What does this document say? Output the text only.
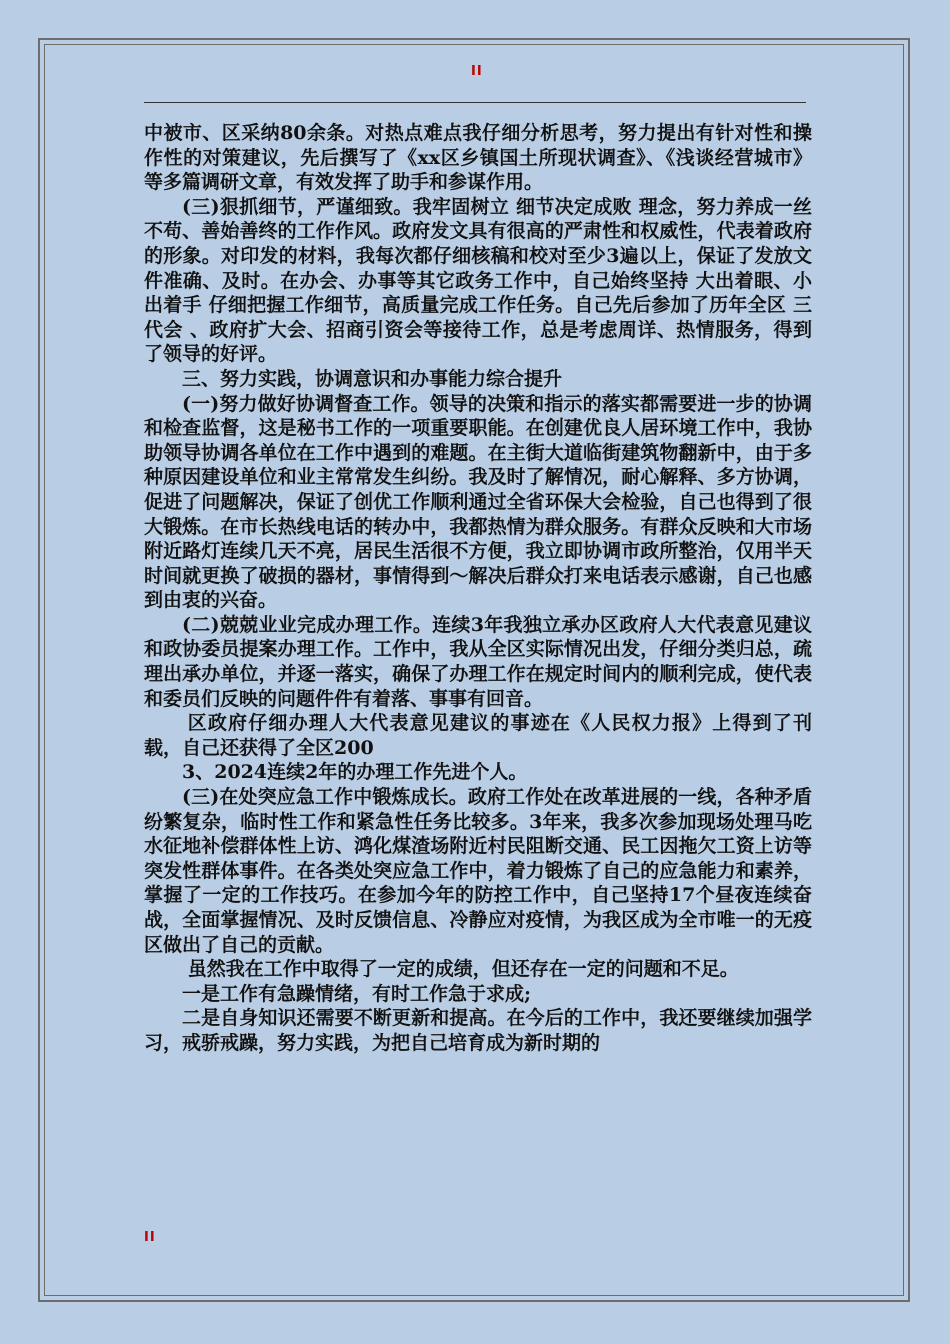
II

中被市、区采纳80余条。对热点难点我仔细分析思考，努力提出有针对性和操作性的对策建议，先后撰写了《xx区乡镇国土所现状调查》、《浅谈经营城市》等多篇调研文章，有效发挥了助手和参谋作用。

(三)狠抓细节，严谨细致。我牢固树立 细节决定成败 理念，努力养成一丝不苟、善始善终的工作作风。政府发文具有很高的严肃性和权威性，代表着政府的形象。对印发的材料，我每次都仔细核稿和校对至少3遍以上，保证了发放文件准确、及时。在办会、办事等其它政务工作中，自己始终坚持 大出着眼、小出着手 仔细把握工作细节，高质量完成工作任务。自己先后参加了历年全区 三代会 、政府扩大会、招商引资会等接待工作，总是考虑周详、热情服务，得到了领导的好评。

三、努力实践，协调意识和办事能力综合提升

(一)努力做好协调督查工作。领导的决策和指示的落实都需要进一步的协调和检查监督，这是秘书工作的一项重要职能。在创建优良人居环境工作中，我协助领导协调各单位在工作中遇到的难题。在主街大道临街建筑物翻新中，由于多种原因建设单位和业主常常发生纠纷。我及时了解情况，耐心解释、多方协调，促进了问题解决，保证了创优工作顺利通过全省环保大会检验，自己也得到了很大锻炼。在市长热线电话的转办中，我都热情为群众服务。有群众反映和大市场附近路灯连续几天不亮，居民生活很不方便，我立即协调市政所整治，仅用半天时间就更换了破损的器材，事情得到～解决后群众打来电话表示感谢，自己也感到由衷的兴奋。

(二)兢兢业业完成办理工作。连续3年我独立承办区政府人大代表意见建议和政协委员提案办理工作。工作中，我从全区实际情况出发，仔细分类归总，疏理出承办单位，并逐一落实，确保了办理工作在规定时间内的顺利完成，使代表和委员们反映的问题件件有着落、事事有回音。

区政府仔细办理人大代表意见建议的事迹在《人民权力报》上得到了刊载，自己还获得了全区200

3、2024连续2年的办理工作先进个人。

(三)在处突应急工作中锻炼成长。政府工作处在改革进展的一线，各种矛盾纷繁复杂，临时性工作和紧急性任务比较多。3年来，我多次参加现场处理马吃水征地补偿群体性上访、鸿化煤渣场附近村民阻断交通、民工因拖欠工资上访等突发性群体事件。在各类处突应急工作中，着力锻炼了自己的应急能力和素养，掌握了一定的工作技巧。在参加今年的防控工作中，自己坚持17个昼夜连续奋战，全面掌握情况、及时反馈信息、冷静应对疫情，为我区成为全市唯一的无疫区做出了自己的贡献。

虽然我在工作中取得了一定的成绩，但还存在一定的问题和不足。

一是工作有急躁情绪，有时工作急于求成;

二是自身知识还需要不断更新和提高。在今后的工作中，我还要继续加强学习，戒骄戒躁，努力实践，为把自己培育成为新时期的

II
